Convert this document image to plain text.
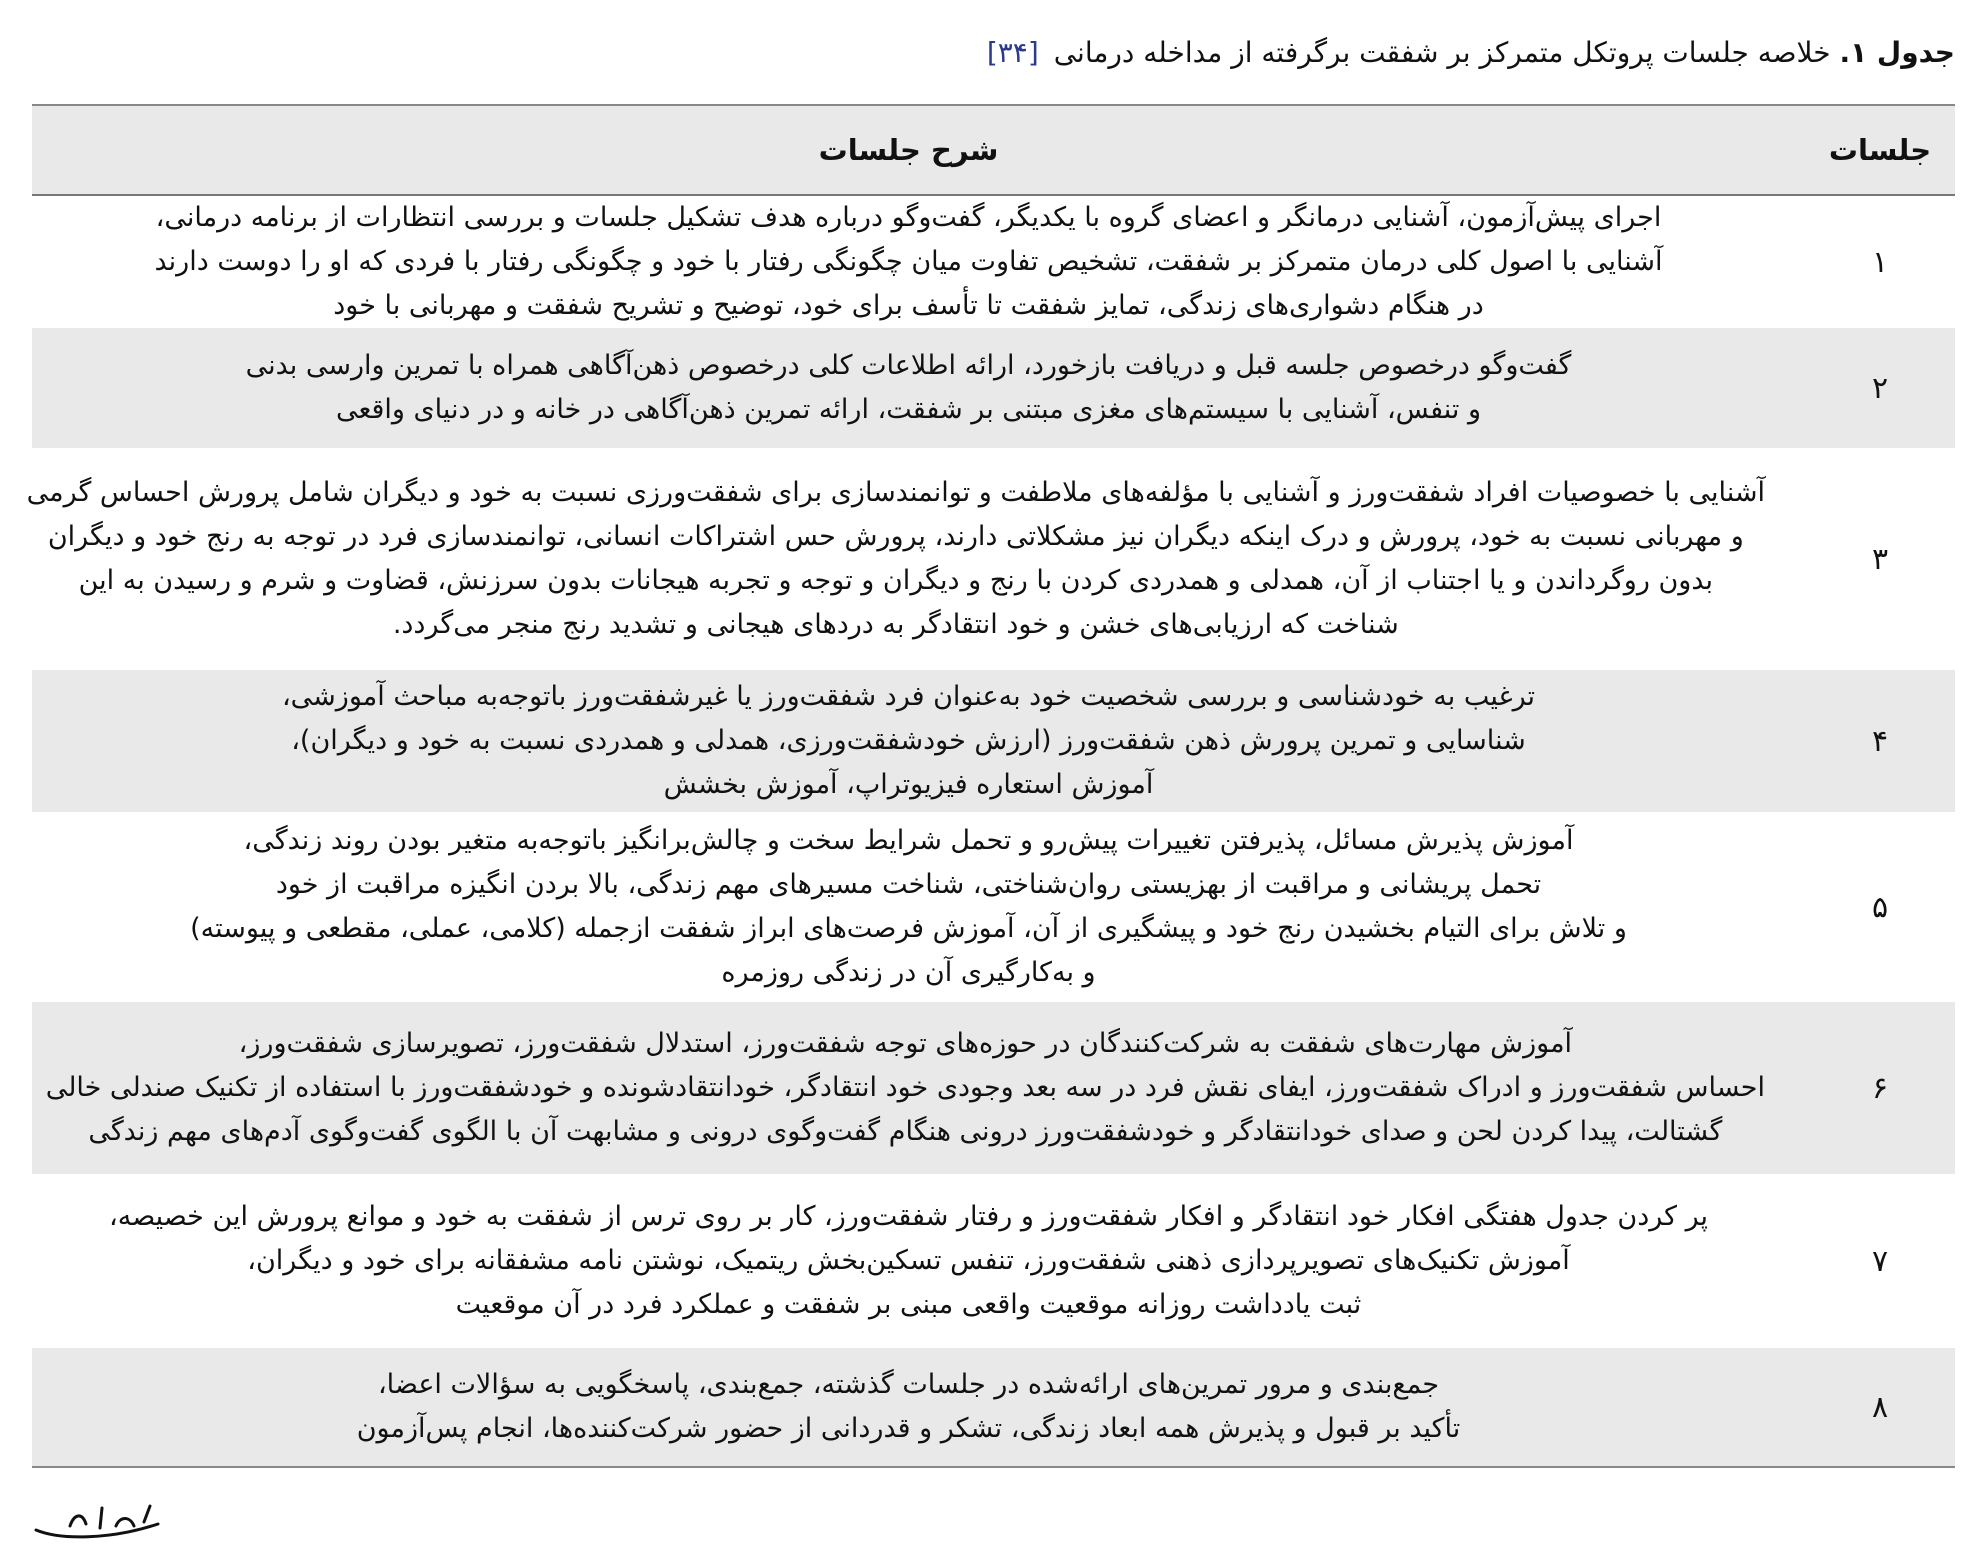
جدول ۱. خلاصه جلسات پروتکل متمرکز بر شفقت برگرفته از مداخله درمانی [۳۴]
جلسات
شرح جلسات
۱
اجرای پیش‌آزمون، آشنایی درمانگر و اعضای گروه با یکدیگر، گفت‌وگو درباره هدف تشکیل جلسات و بررسی انتظارات از برنامه درمانی،
آشنایی با اصول کلی درمان متمرکز بر شفقت، تشخیص تفاوت میان چگونگی رفتار با خود و چگونگی رفتار با فردی که او را دوست دارند
در هنگام دشواری‌های زندگی، تمایز شفقت تا تأسف برای خود، توضیح و تشریح شفقت و مهربانی با خود
۲
گفت‌وگو درخصوص جلسه قبل و دریافت بازخورد، ارائه اطلاعات کلی درخصوص ذهن‌آگاهی همراه با تمرین وارسی بدنی
و تنفس، آشنایی با سیستم‌های مغزی مبتنی بر شفقت، ارائه تمرین ذهن‌آگاهی در خانه و در دنیای واقعی
۳
آشنایی با خصوصیات افراد شفقت‌ورز و آشنایی با مؤلفه‌های ملاطفت و توانمندسازی برای شفقت‌ورزی نسبت به خود و دیگران شامل پرورش احساس گرمی
و مهربانی نسبت به خود، پرورش و درک اینکه دیگران نیز مشکلاتی دارند، پرورش حس اشتراکات انسانی، توانمندسازی فرد در توجه به رنج خود و دیگران
بدون روگرداندن و یا اجتناب از آن، همدلی و همدردی کردن با رنج و دیگران و توجه و تجربه هیجانات بدون سرزنش، قضاوت و شرم و رسیدن به این
شناخت که ارزیابی‌های خشن و خود انتقادگر به دردهای هیجانی و تشدید رنج منجر می‌گردد.
۴
ترغیب به خودشناسی و بررسی شخصیت خود به‌عنوان فرد شفقت‌ورز یا غیرشفقت‌ورز باتوجه‌به مباحث آموزشی،
شناسایی و تمرین پرورش ذهن شفقت‌ورز (ارزش خودشفقت‌ورزی، همدلی و همدردی نسبت به خود و دیگران)،
آموزش استعاره فیزیوتراپ، آموزش بخشش
۵
آموزش پذیرش مسائل، پذیرفتن تغییرات پیش‌رو و تحمل شرایط سخت و چالش‌برانگیز باتوجه‌به متغیر بودن روند زندگی،
تحمل پریشانی و مراقبت از بهزیستی روان‌شناختی، شناخت مسیرهای مهم زندگی، بالا بردن انگیزه مراقبت از خود
و تلاش برای التیام بخشیدن رنج خود و پیشگیری از آن، آموزش فرصت‌های ابراز شفقت ازجمله (کلامی، عملی، مقطعی و پیوسته)
و به‌کارگیری آن در زندگی روزمره
۶
آموزش مهارت‌های شفقت به شرکت‌کنندگان در حوزه‌های توجه شفقت‌ورز، استدلال شفقت‌ورز، تصویرسازی شفقت‌ورز،
احساس شفقت‌ورز و ادراک شفقت‌ورز، ایفای نقش فرد در سه بعد وجودی خود انتقادگر، خودانتقادشونده و خودشفقت‌ورز با استفاده از تکنیک صندلی خالی
گشتالت، پیدا کردن لحن و صدای خودانتقادگر و خودشفقت‌ورز درونی هنگام گفت‌وگوی درونی و مشابهت آن با الگوی گفت‌وگوی آدم‌های مهم زندگی
۷
پر کردن جدول هفتگی افکار خود انتقادگر و افکار شفقت‌ورز و رفتار شفقت‌ورز، کار بر روی ترس از شفقت به خود و موانع پرورش این خصیصه،
آموزش تکنیک‌های تصویرپردازی ذهنی شفقت‌ورز، تنفس تسکین‌بخش ریتمیک، نوشتن نامه مشفقانه برای خود و دیگران،
ثبت یادداشت روزانه موقعیت واقعی مبنی بر شفقت و عملکرد فرد در آن موقعیت
۸
جمع‌بندی و مرور تمرین‌های ارائه‌شده در جلسات گذشته، جمع‌بندی، پاسخگویی به سؤالات اعضا،
تأکید بر قبول و پذیرش همه ابعاد زندگی، تشکر و قدردانی از حضور شرکت‌کننده‌ها، انجام پس‌آزمون
